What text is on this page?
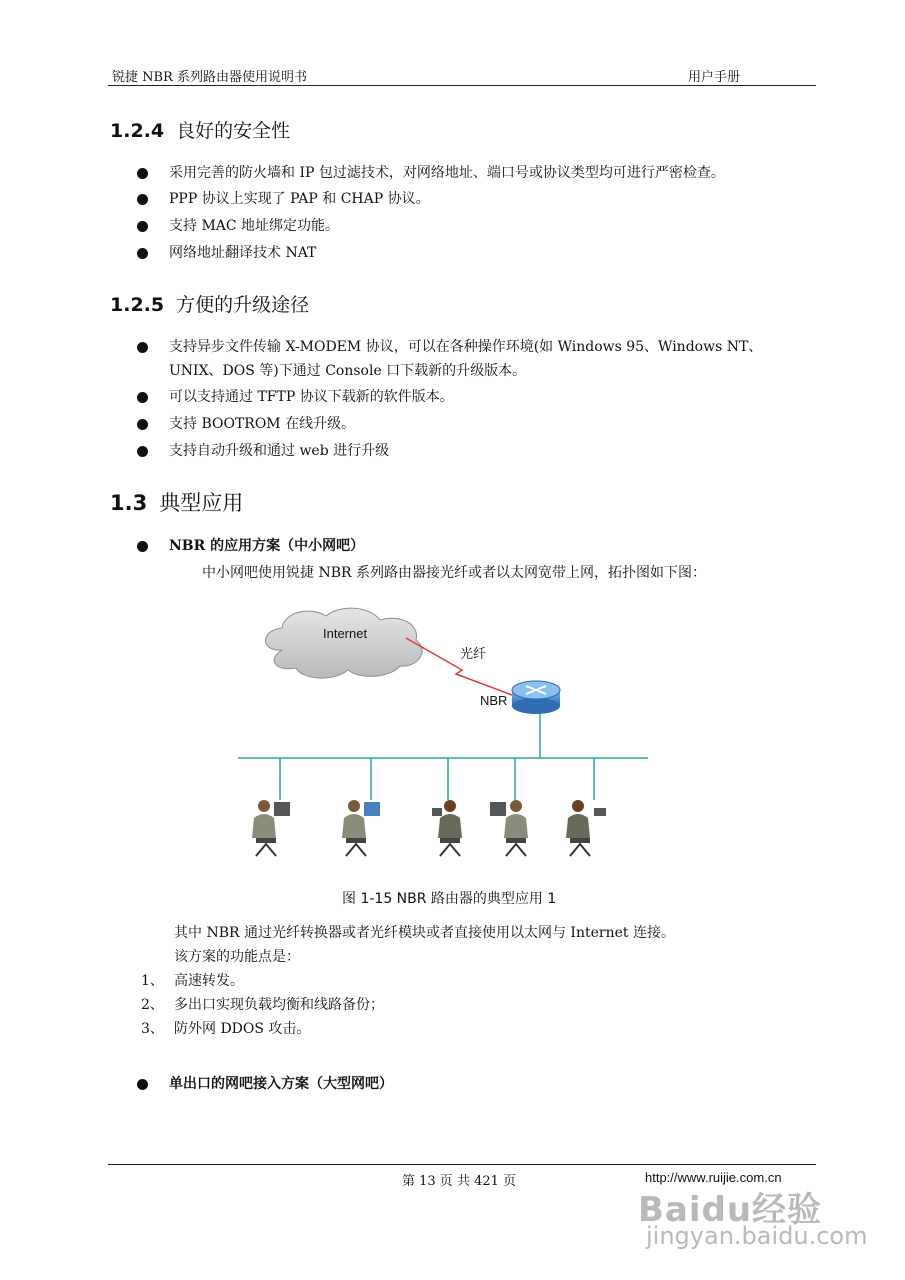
锐捷 NBR 系列路由器使用说明书	用户手册
1.2.4 良好的安全性
采用完善的防火墙和 IP 包过滤技术，对网络地址、端口号或协议类型均可进行严密检查。
PPP 协议上实现了 PAP 和 CHAP 协议。
支持 MAC 地址绑定功能。
网络地址翻译技术 NAT
1.2.5 方便的升级途径
支持异步文件传输 X-MODEM 协议，可以在各种操作环境(如 Windows 95、Windows NT、
UNIX、DOS 等)下通过 Console 口下载新的升级版本。
可以支持通过 TFTP 协议下载新的软件版本。
支持 BOOTROM 在线升级。
支持自动升级和通过 web 进行升级
1.3 典型应用
NBR 的应用方案（中小网吧）
中小网吧使用锐捷 NBR 系列路由器接光纤或者以太网宽带上网，拓扑图如下图：
Internet
光纤
NBR
图 1-15 NBR 路由器的典型应用 1
其中 NBR 通过光纤转换器或者光纤模块或者直接使用以太网与 Internet 连接。
该方案的功能点是：
1、 高速转发。
2、 多出口实现负载均衡和线路备份；
3、 防外网 DDOS 攻击。
单出口的网吧接入方案（大型网吧）
第 13 页 共 421 页	http://www.ruijie.com.cn
Baidu经验
jingyan.baidu.com
